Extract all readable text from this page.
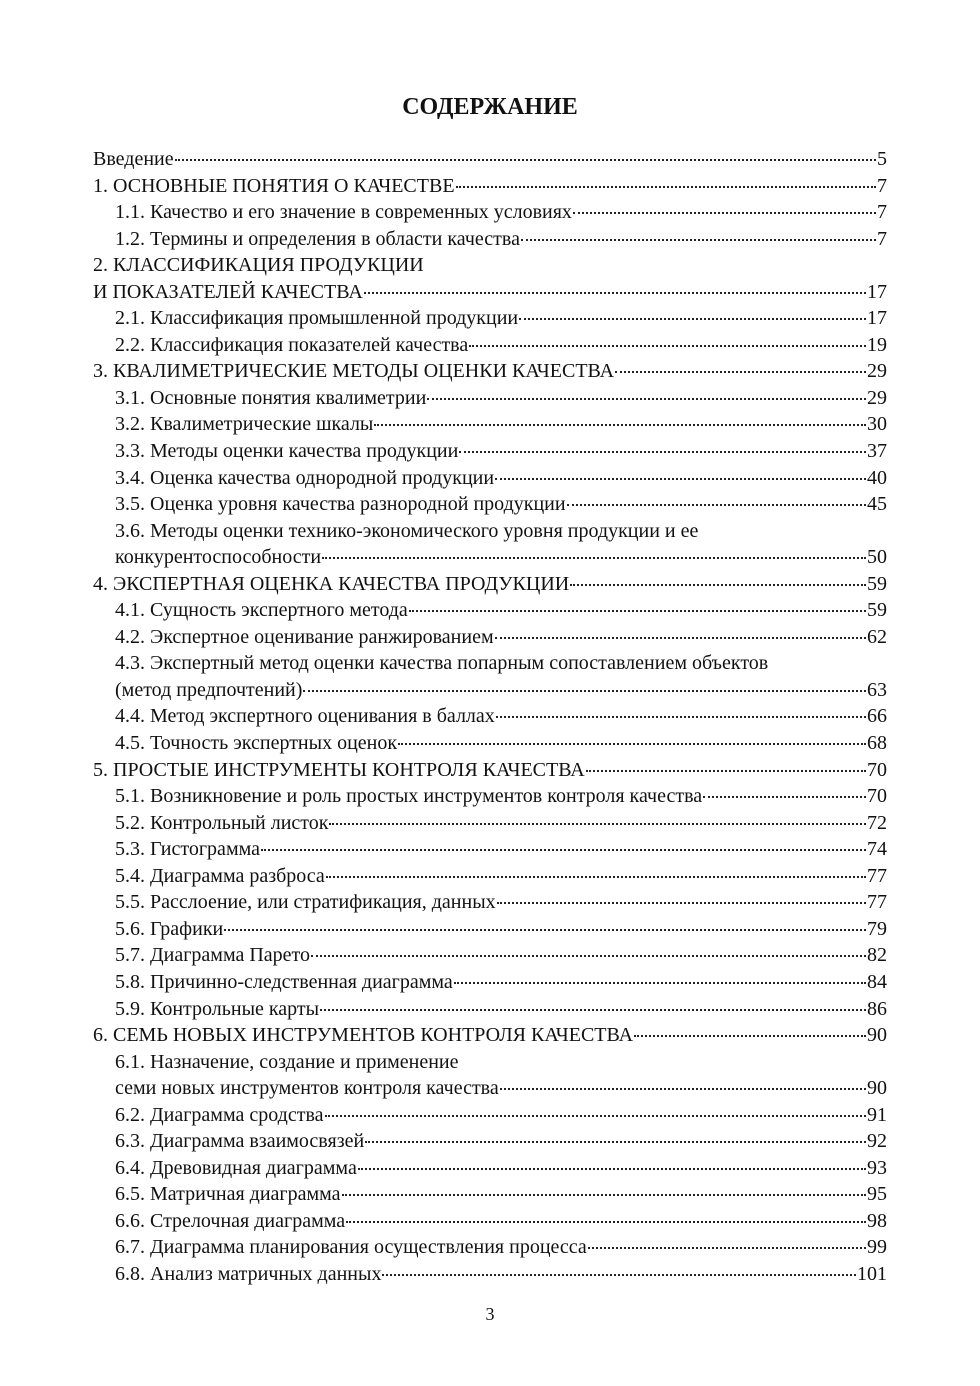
СОДЕРЖАНИЕ
Введение	5
1. ОСНОВНЫЕ ПОНЯТИЯ О КАЧЕСТВЕ	7
1.1. Качество и его значение в современных условиях	7
1.2. Термины и определения в области качества	7
2. КЛАССИФИКАЦИЯ ПРОДУКЦИИ
И ПОКАЗАТЕЛЕЙ КАЧЕСТВА	17
2.1. Классификация промышленной продукции	17
2.2. Классификация показателей качества	19
3. КВАЛИМЕТРИЧЕСКИЕ МЕТОДЫ ОЦЕНКИ КАЧЕСТВА	29
3.1. Основные понятия квалиметрии	29
3.2. Квалиметрические шкалы	30
3.3. Методы оценки качества продукции	37
3.4. Оценка качества однородной продукции	40
3.5. Оценка уровня качества разнородной продукции	45
3.6. Методы оценки технико-экономического уровня продукции и ее
конкурентоспособности	50
4. ЭКСПЕРТНАЯ ОЦЕНКА КАЧЕСТВА ПРОДУКЦИИ	59
4.1. Сущность экспертного метода	59
4.2. Экспертное оценивание ранжированием	62
4.3. Экспертный метод оценки качества попарным сопоставлением объектов
(метод предпочтений)	63
4.4. Метод экспертного оценивания в баллах	66
4.5. Точность экспертных оценок	68
5. ПРОСТЫЕ ИНСТРУМЕНТЫ КОНТРОЛЯ КАЧЕСТВА	70
5.1. Возникновение и роль простых инструментов контроля качества	70
5.2. Контрольный листок	72
5.3. Гистограмма	74
5.4. Диаграмма разброса	77
5.5. Расслоение, или стратификация, данных	77
5.6. Графики	79
5.7. Диаграмма Парето	82
5.8. Причинно-следственная диаграмма	84
5.9. Контрольные карты	86
6. СЕМЬ НОВЫХ ИНСТРУМЕНТОВ КОНТРОЛЯ КАЧЕСТВА	90
6.1. Назначение, создание и применение
семи новых инструментов контроля качества	90
6.2. Диаграмма сродства	91
6.3. Диаграмма взаимосвязей	92
6.4. Древовидная диаграмма	93
6.5. Матричная диаграмма	95
6.6. Стрелочная диаграмма	98
6.7. Диаграмма планирования осуществления процесса	99
6.8. Анализ матричных данных	101
3
